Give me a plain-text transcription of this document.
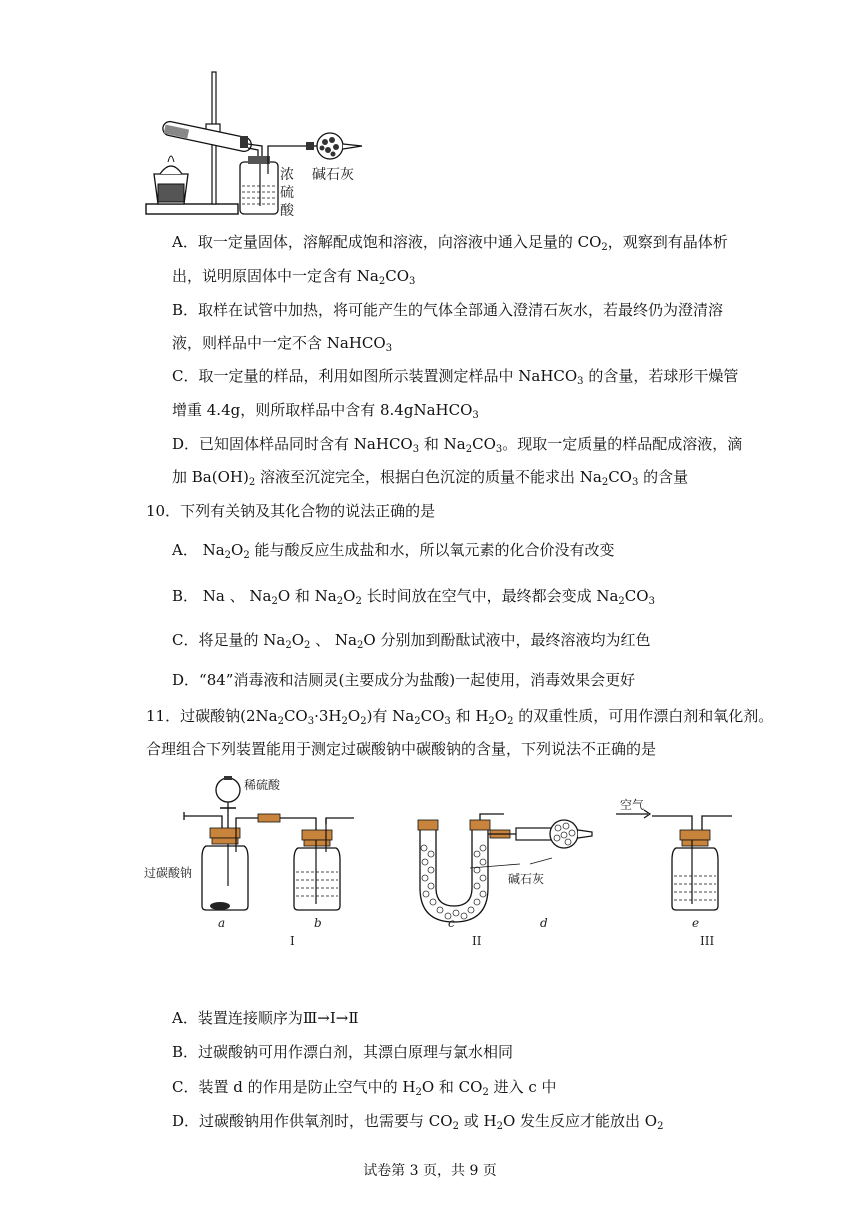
浓
硫
酸
碱石灰
A．取一定量固体，溶解配成饱和溶液，向溶液中通入足量的 $CO_2$，观察到有晶体析
出，说明原固体中一定含有 $Na_2CO_3$
B．取样在试管中加热，将可能产生的气体全部通入澄清石灰水，若最终仍为澄清溶
液，则样品中一定不含 NaHCO$_3$
C．取一定量的样品，利用如图所示装置测定样品中 NaHCO$_3$ 的含量，若球形干燥管
增重 4.4g，则所取样品中含有 8.4gNaHCO$_3$
D．已知固体样品同时含有 NaHCO$_3$ 和 $Na_2CO_3$。现取一定质量的样品配成溶液，滴
加 $Ba(OH)_2$ 溶液至沉淀完全，根据白色沉淀的质量不能求出 $Na_2CO_3$ 的含量
10．下列有关钠及其化合物的说法正确的是
A． $Na_2O_2$ 能与酸反应生成盐和水，所以氧元素的化合价没有改变
B． Na 、 $Na_2O$ 和 $Na_2O_2$ 长时间放在空气中，最终都会变成 $Na_2CO_3$
C．将足量的 $Na_2O_2$ 、 $Na_2O$ 分别加到酚酞试液中，最终溶液均为红色
D．“84”消毒液和洁厕灵(主要成分为盐酸)一起使用，消毒效果会更好
11．过碳酸钠$(2Na_2CO_3\cdot 3H_2O_2)$有 $Na_2CO_3$ 和 $H_2O_2$ 的双重性质，可用作漂白剂和氧化剂。
合理组合下列装置能用于测定过碳酸钠中碳酸钠的含量，下列说法不正确的是
稀硫酸
过碳酸钠	碱石灰
空气
a	b	c	d	e
I	II	III
A．装置连接顺序为Ⅲ→I→Ⅱ
B．过碳酸钠可用作漂白剂，其漂白原理与氯水相同
C．装置 d 的作用是防止空气中的 $H_2O$ 和 $CO_2$ 进入 c 中
D．过碳酸钠用作供氧剂时，也需要与 $CO_2$ 或 $H_2O$ 发生反应才能放出 $O_2$
试卷第 3 页，共 9 页
